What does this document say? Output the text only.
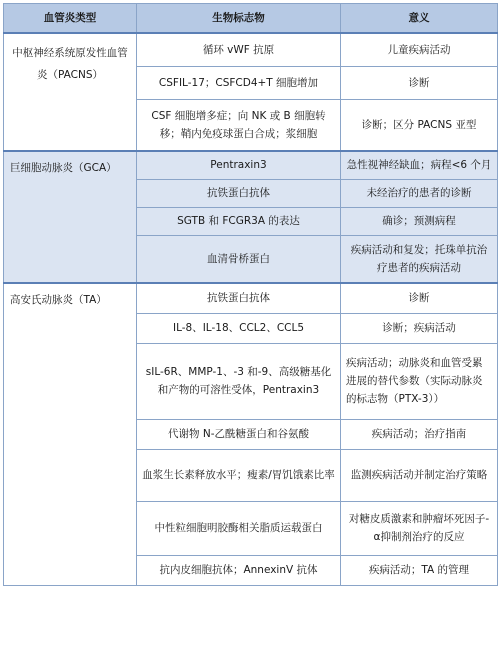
血管炎类型	生物标志物	意义
中枢神经系统原发性血管炎（PACNS）	循环 vWF 抗原	儿童疾病活动
	CSFIL-17；CSFCD4+T 细胞增加	诊断
	CSF 细胞增多症；向 NK 或 B 细胞转移；鞘内免疫球蛋白合成；浆细胞	诊断；区分 PACNS 亚型
巨细胞动脉炎（GCA）	Pentraxin3	急性视神经缺血；病程<6 个月
	抗铁蛋白抗体	未经治疗的患者的诊断
	SGTB 和 FCGR3A 的表达	确诊；预测病程
	血清骨桥蛋白	疾病活动和复发；托珠单抗治疗患者的疾病活动
高安氏动脉炎（TA）	抗铁蛋白抗体	诊断
	IL-8、IL-18、CCL2、CCL5	诊断；疾病活动
	sIL-6R、MMP-1、-3 和-9、高级糖基化和产物的可溶性受体，Pentraxin3	疾病活动；动脉炎和血管受累进展的替代参数（实际动脉炎的标志物（PTX-3））
	代谢物 N-乙酰糖蛋白和谷氨酸	疾病活动；治疗指南
	血浆生长素释放水平；瘦素/胃饥饿素比率	监测疾病活动并制定治疗策略
	中性粒细胞明胶酶相关脂质运载蛋白	对糖皮质激素和肿瘤坏死因子-α抑制剂治疗的反应
	抗内皮细胞抗体；AnnexinV 抗体	疾病活动；TA 的管理
